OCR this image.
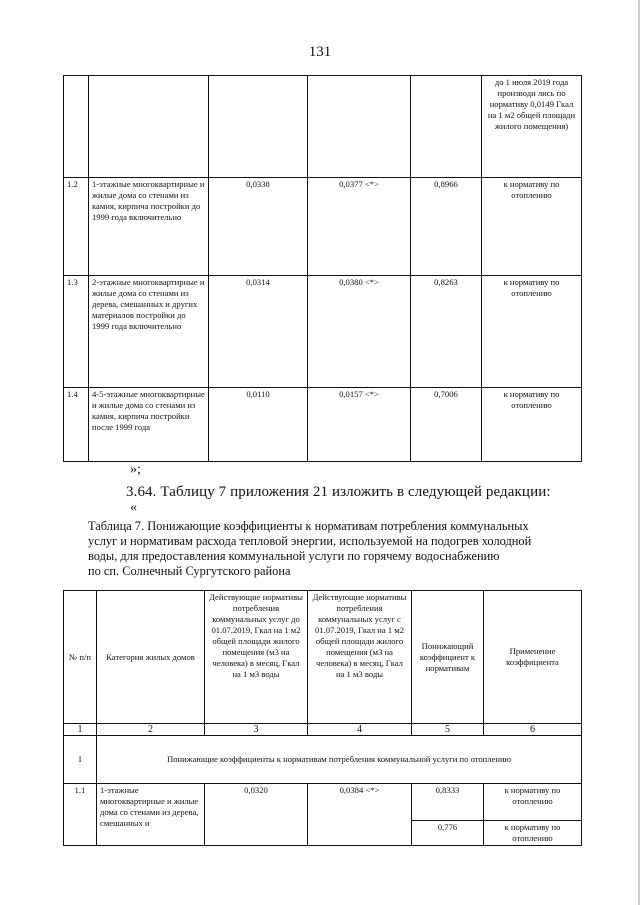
131
					до 1 июля 2019 года производи лись по нормативу 0,0149 Гкал на 1 м2 общей площади жилого помещения)
1.2	1-этажные многоквартирные и жилые дома со стенами из камня, кирпича постройки до 1999 года включительно	0,0338	0,0377 <*>	0,8966	к нормативу по отоплению
1.3	2-этажные многоквартирные и жилые дома со стенами из дерева, смешанных и других материалов постройки до 1999 года включительно	0,0314	0,0380 <*>	0,8263	к нормативу по отоплению
1.4	4-5-этажные многоквартирные и жилые дома со стенами из камня, кирпича постройки после 1999 года	0,0110	0,0157 <*>	0,7006	к нормативу по отоплению
»;
3.64. Таблицу 7 приложения 21 изложить в следующей редакции:
«
Таблица 7. Понижающие коэффициенты к нормативам потребления коммунальных
услуг и нормативам расхода тепловой энергии, используемой на подогрев холодной
воды, для предоставления коммунальной услуги по горячему водоснабжению
по сп. Солнечный Сургутского района
№ п/п	Категория жилых домов	Действующие нормативы потребления коммунальных услуг до 01.07.2019, Гкал на 1 м2 общей площади жилого помещения (м3 на человека) в месяц, Гкал на 1 м3 воды	Действующие нормативы потребления коммунальных услуг с 01.07.2019, Гкал на 1 м2 общей площади жилого помещения (м3 на человека) в месяц, Гкал на 1 м3 воды	Понижающий коэффициент к нормативам	Применение коэффициента
1	2	3	4	5	6
I	Понижающие коэффициенты к нормативам потребления коммунальной услуги по отоплению				
1.1	1-этажные многоквартирные и жилые дома со стенами из дерева, смешанных и	0,0320	0,0384 <*>	0,8333	к нормативу по отоплению
				0,776	к нормативу по отоплению
